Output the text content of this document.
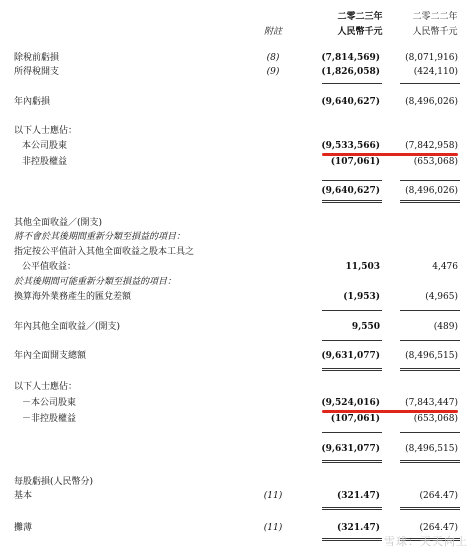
附註
二零二三年	二零二二年
人民幣千元	人民幣千元
除稅前虧損	(8)	(7,814,569)	(8,071,916)
所得稅開支	(9)	(1,826,058)	(424,110)
年內虧損	(9,640,627)	(8,496,026)
以下人士應佔：
本公司股東	(9,533,566)	(7,842,958)
非控股權益	(107,061)	(653,068)
(9,640,627)	(8,496,026)
其他全面收益／(開支)
將不會於其後期間重新分類至損益的項目：
指定按公平值計入其他全面收益之股本工具之
公平值收益：	11,503	4,476
於其後期間可能重新分類至損益的項目：
換算海外業務產生的匯兌差額	(1,953)	(4,965)
年內其他全面收益／(開支)	9,550	(489)
年內全面開支總額	(9,631,077)	(8,496,515)
以下人士應佔：
－本公司股東	(9,524,016)	(7,843,447)
－非控股權益	(107,061)	(653,068)
(9,631,077)	(8,496,515)
每股虧損(人民幣分)
基本	(11)	(321.47)	(264.47)
攤薄	(11)	(321.47)	(264.47)
雪球：天天向上
